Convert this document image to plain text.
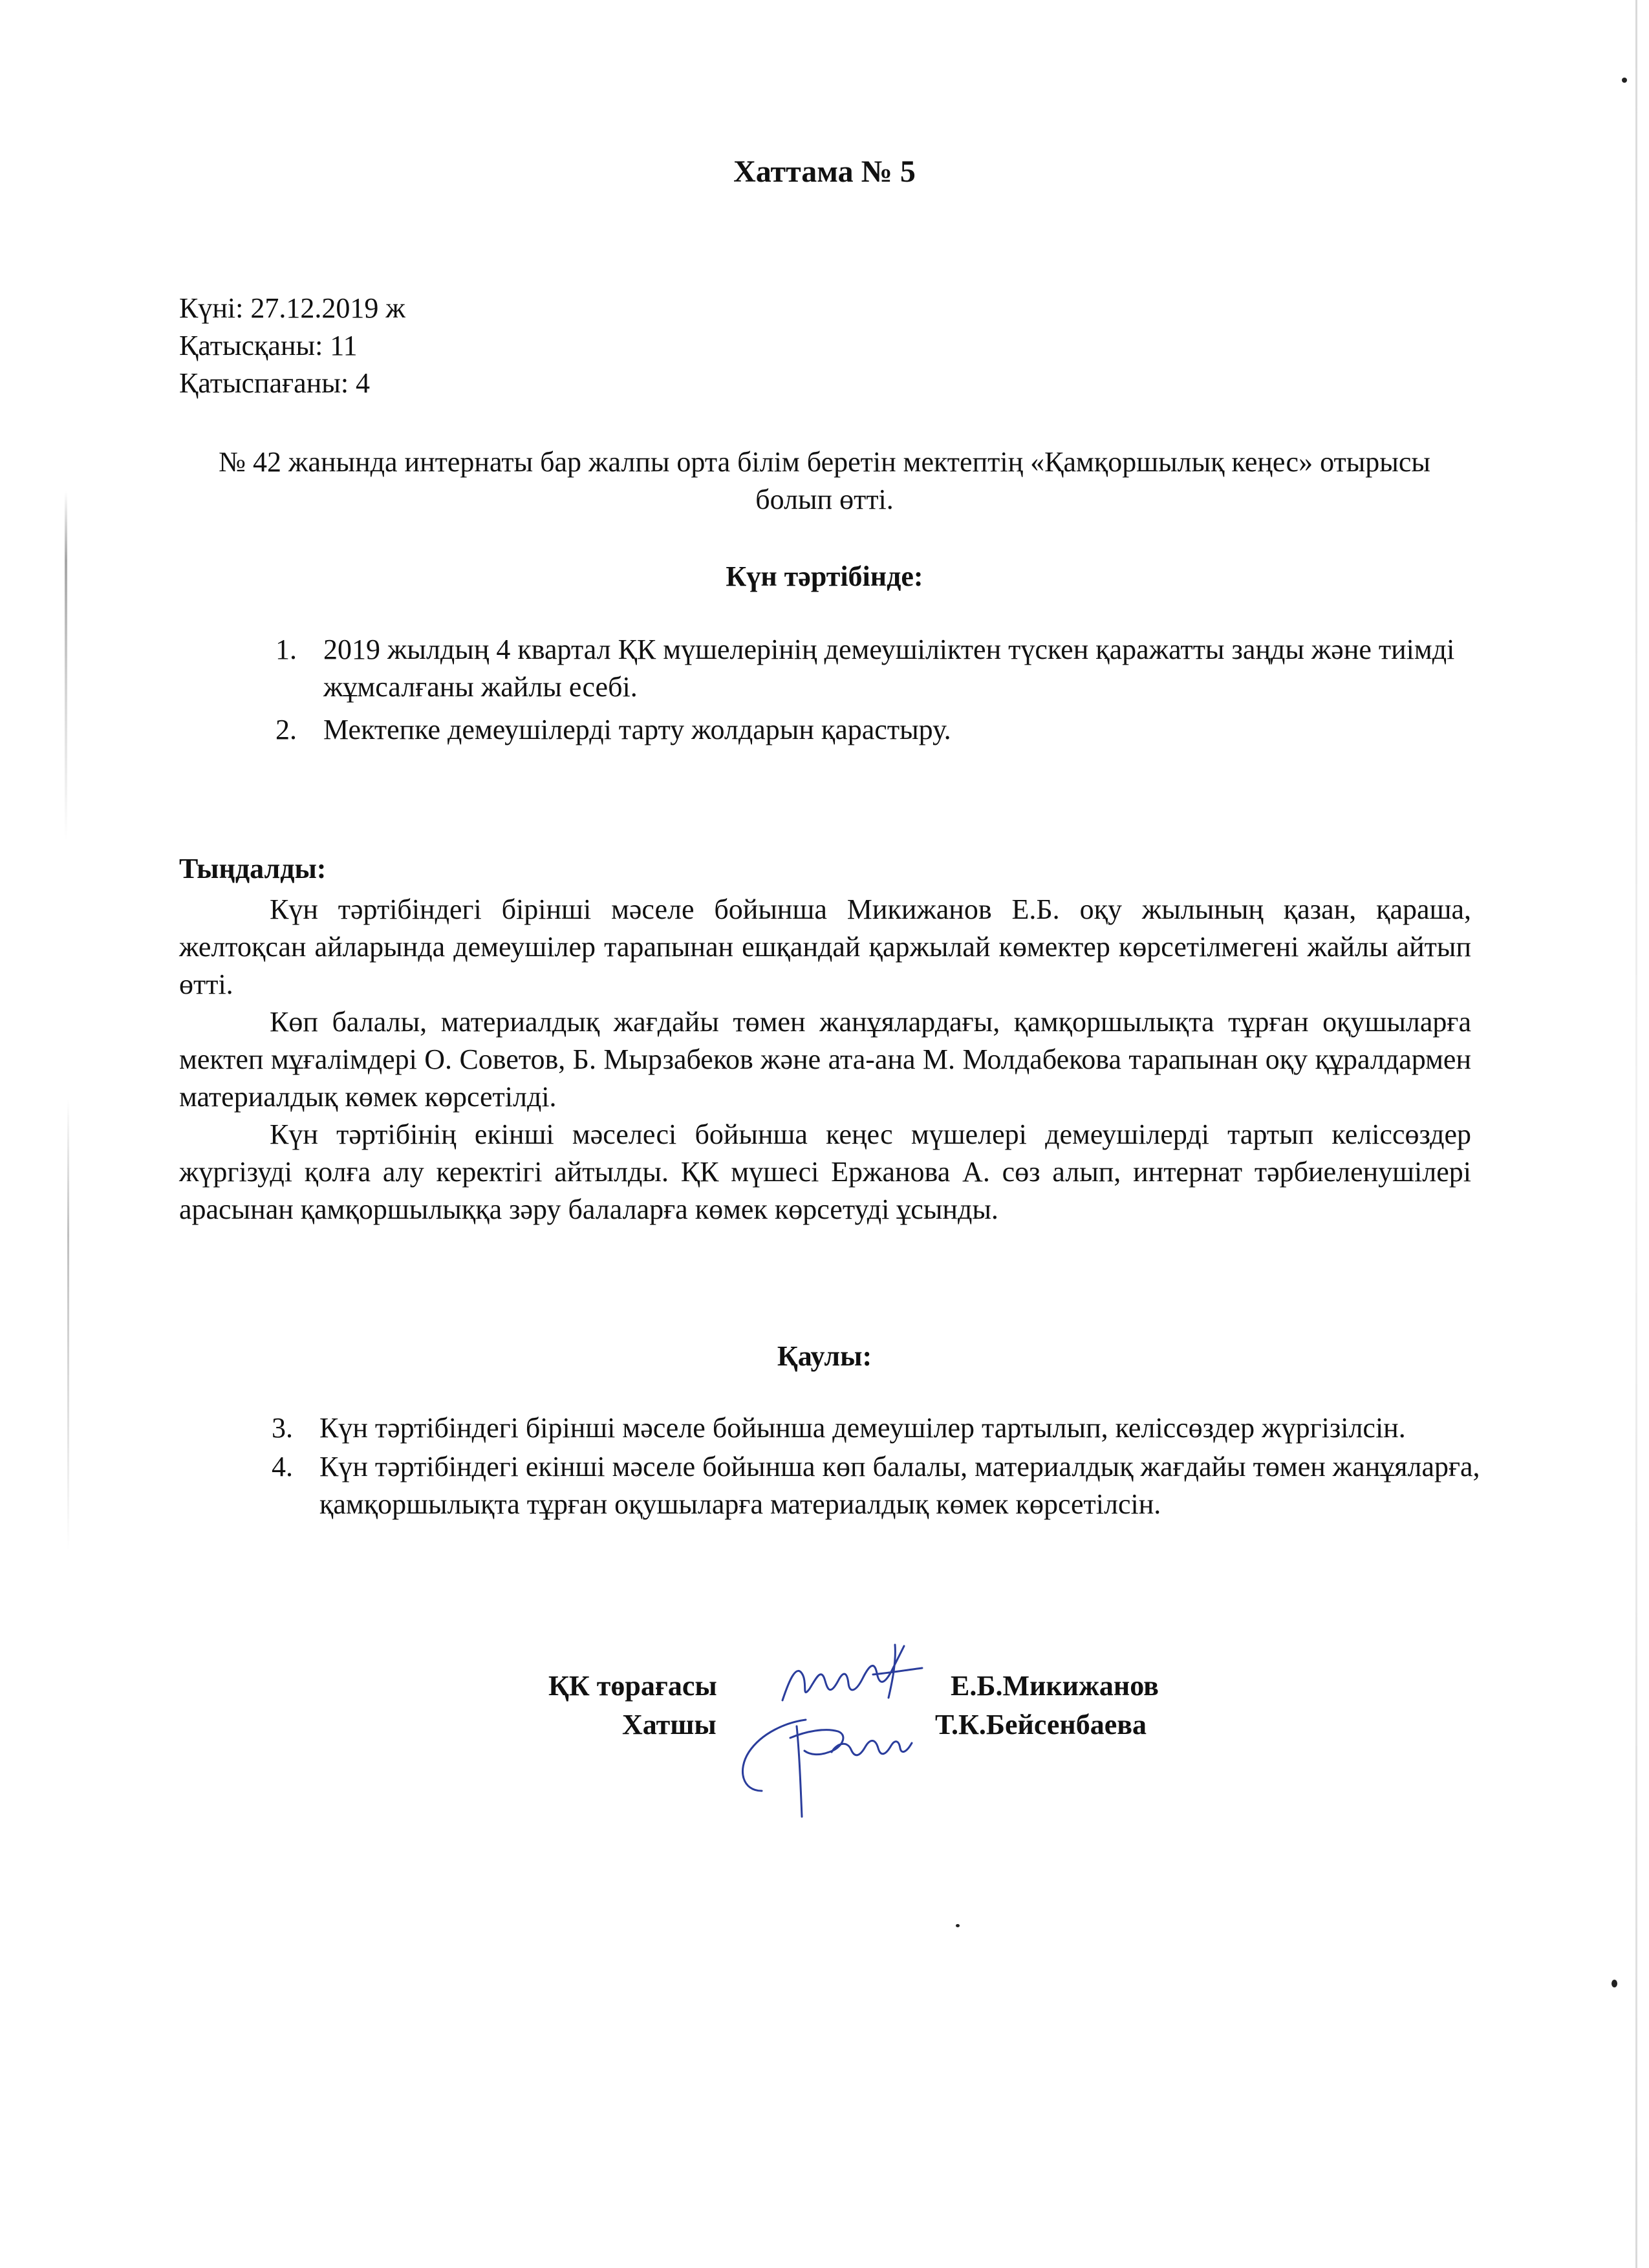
Хаттама № 5
Күні: 27.12.2019 ж
Қатысқаны: 11
Қатыспағаны: 4
№ 42 жанында интернаты бар жалпы орта білім беретін мектептің «Қамқоршылық кеңес» отырысы болып өтті.
Күн тәртібінде:
1. 2019 жылдың 4 квартал ҚК мүшелерінің демеушіліктен түскен қаражатты заңды және тиімді жұмсалғаны жайлы есебі.
2. Мектепке демеушілерді тарту жолдарын қарастыру.
Тыңдалды:

Күн тәртібіндегі бірінші мәселе бойынша Микижанов Е.Б. оқу жылының қазан, қараша, желтоқсан айларында демеушілер тарапынан ешқандай қаржылай көмектер көрсетілмегені жайлы айтып өтті.

Көп балалы, материалдық жағдайы төмен жанұялардағы, қамқоршылықта тұрған оқушыларға мектеп мұғалімдері О. Советов, Б. Мырзабеков және ата-ана М. Молдабекова тарапынан оқу құралдармен материалдық көмек көрсетілді.

Күн тәртібінің екінші мәселесі бойынша кеңес мүшелері демеушілерді тартып келіссөздер жүргізуді қолға алу керектігі айтылды. ҚК мүшесі Ержанова А. сөз алып, интернат тәрбиеленушілері арасынан қамқоршылыққа зәру балаларға көмек көрсетуді ұсынды.

Қаулы:
3. Күн тәртібіндегі бірінші мәселе бойынша демеушілер тартылып, келіссөздер жүргізілсін.
4. Күн тәртібіндегі екінші мәселе бойынша көп балалы, материалдық жағдайы төмен жанұяларға, қамқоршылықта тұрған оқушыларға материалдық көмек көрсетілсін.
ҚК төрағасы	Е.Б.Микижанов
Хатшы	Т.К.Бейсенбаева
